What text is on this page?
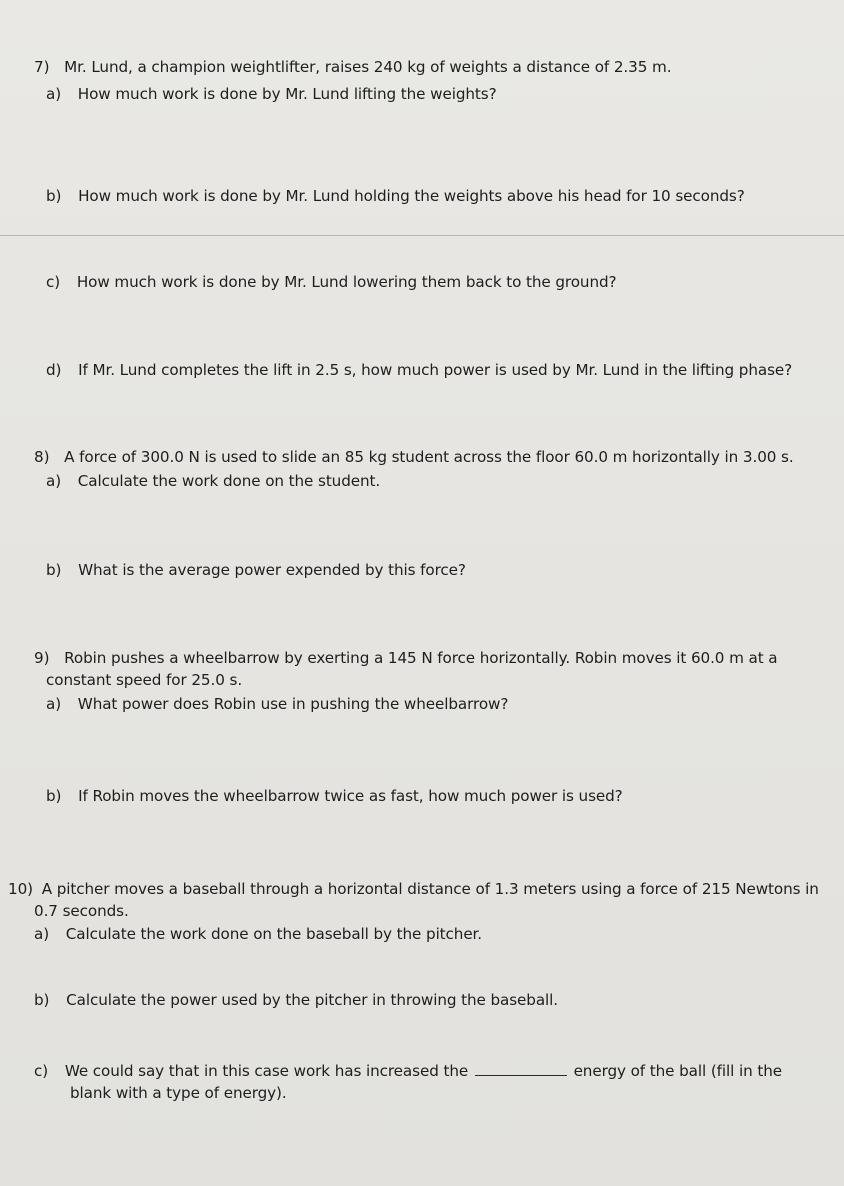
7) Mr. Lund, a champion weightlifter, raises 240 kg of weights a distance of 2.35 m.
a) How much work is done by Mr. Lund lifting the weights?
b) How much work is done by Mr. Lund holding the weights above his head for 10 seconds?
c) How much work is done by Mr. Lund lowering them back to the ground?
d) If Mr. Lund completes the lift in 2.5 s, how much power is used by Mr. Lund in the lifting phase?
8) A force of 300.0 N is used to slide an 85 kg student across the floor 60.0 m horizontally in 3.00 s.
a) Calculate the work done on the student.
b) What is the average power expended by this force?
9) Robin pushes a wheelbarrow by exerting a 145 N force horizontally. Robin moves it 60.0 m at a
constant speed for 25.0 s.
a) What power does Robin use in pushing the wheelbarrow?
b) If Robin moves the wheelbarrow twice as fast, how much power is used?
10) A pitcher moves a baseball through a horizontal distance of 1.3 meters using a force of 215 Newtons in
0.7 seconds.
a) Calculate the work done on the baseball by the pitcher.
b) Calculate the power used by the pitcher in throwing the baseball.
c) We could say that in this case work has increased the	energy of the ball (fill in the
blank with a type of energy).
